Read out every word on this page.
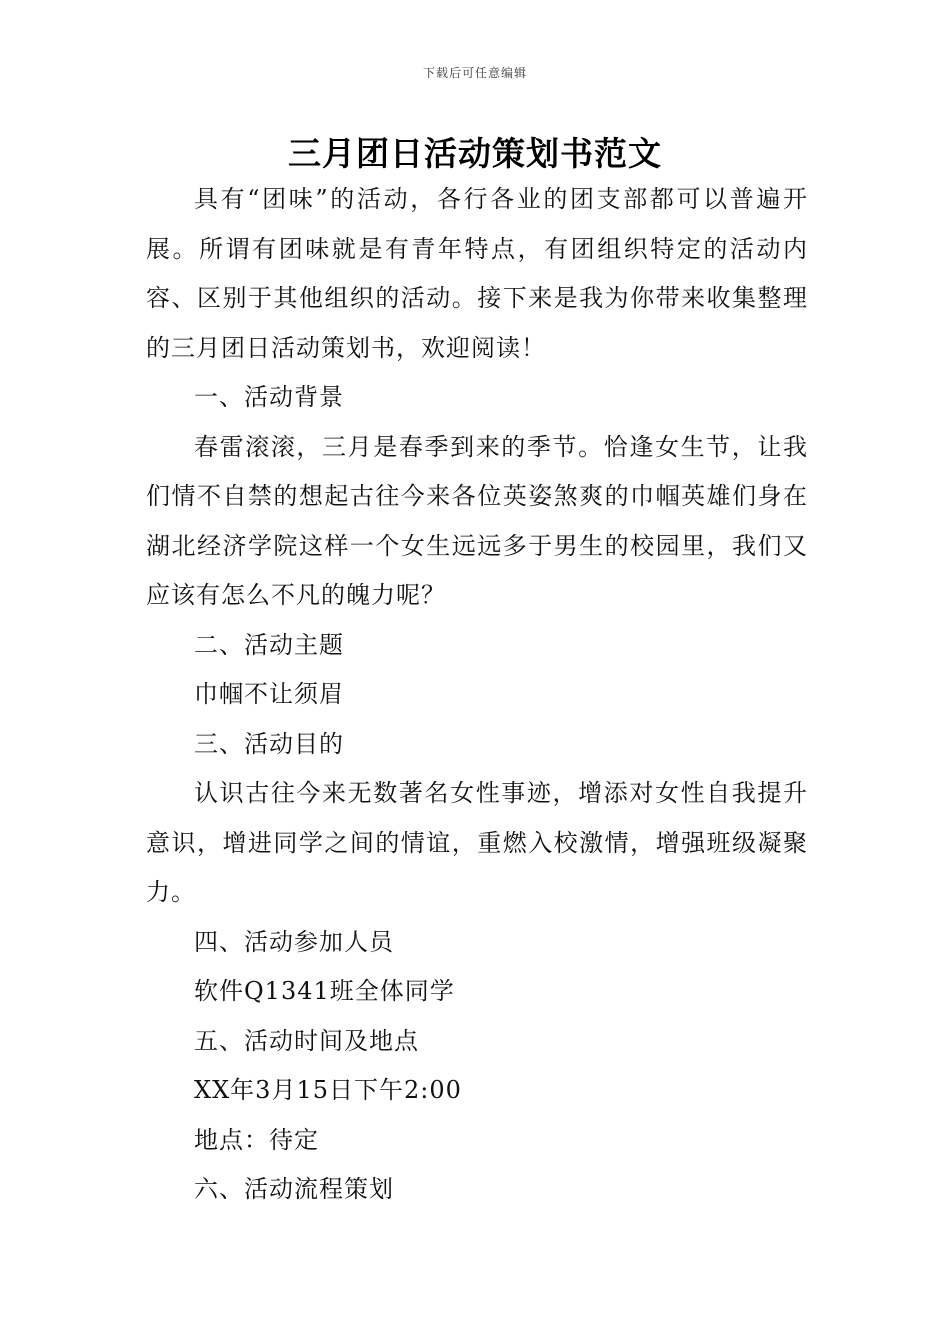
下载后可任意编辑
三月团日活动策划书范文

具有“团味”的活动，各行各业的团支部都可以普遍开展。所谓有团味就是有青年特点，有团组织特定的活动内容、区别于其他组织的活动。接下来是我为你带来收集整理的三月团日活动策划书，欢迎阅读！

一、活动背景

春雷滚滚，三月是春季到来的季节。恰逢女生节，让我们情不自禁的想起古往今来各位英姿煞爽的巾帼英雄们身在湖北经济学院这样一个女生远远多于男生的校园里，我们又应该有怎么不凡的魄力呢？

二、活动主题

巾帼不让须眉

三、活动目的

认识古往今来无数著名女性事迹，增添对女性自我提升意识，增进同学之间的情谊，重燃入校激情，增强班级凝聚力。

四、活动参加人员

软件Q1341班全体同学

五、活动时间及地点

XX年3月15日下午2:00

地点：待定

六、活动流程策划
